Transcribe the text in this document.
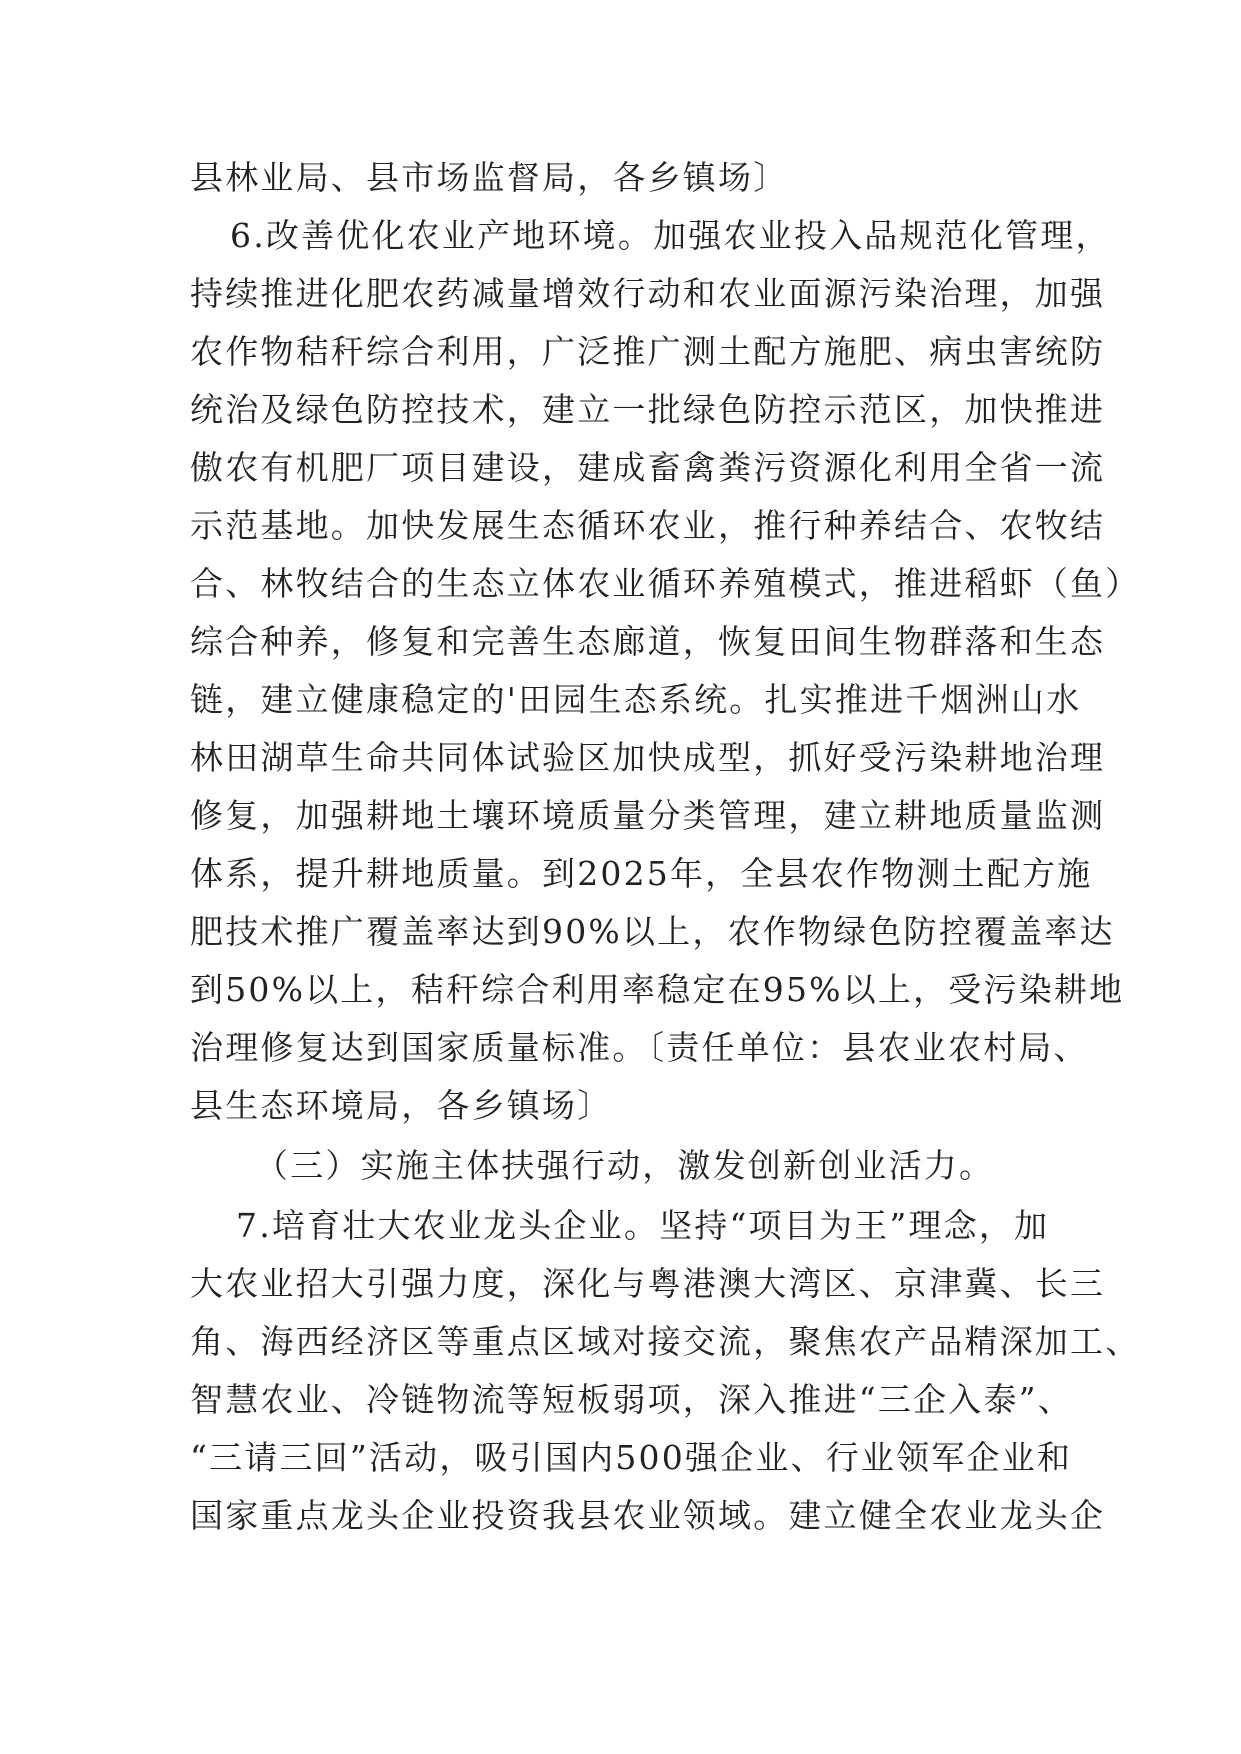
县林业局、县市场监督局，各乡镇场〕
6.改善优化农业产地环境。加强农业投入品规范化管理，
持续推进化肥农药减量增效行动和农业面源污染治理，加强
农作物秸秆综合利用，广泛推广测土配方施肥、病虫害统防
统治及绿色防控技术，建立一批绿色防控示范区，加快推进
傲农有机肥厂项目建设，建成畜禽粪污资源化利用全省一流
示范基地。加快发展生态循环农业，推行种养结合、农牧结
合、林牧结合的生态立体农业循环养殖模式，推进稻虾（鱼）
综合种养，修复和完善生态廊道，恢复田间生物群落和生态
链，建立健康稳定的'田园生态系统。扎实推进千烟洲山水
林田湖草生命共同体试验区加快成型，抓好受污染耕地治理
修复，加强耕地土壤环境质量分类管理，建立耕地质量监测
体系，提升耕地质量。到2025年，全县农作物测土配方施
肥技术推广覆盖率达到90%以上，农作物绿色防控覆盖率达
到50%以上，秸秆综合利用率稳定在95%以上，受污染耕地
治理修复达到国家质量标准。〔责任单位：县农业农村局、
县生态环境局，各乡镇场〕
（三）实施主体扶强行动，激发创新创业活力。
7.培育壮大农业龙头企业。坚持“项目为王”理念，加
大农业招大引强力度，深化与粤港澳大湾区、京津冀、长三
角、海西经济区等重点区域对接交流，聚焦农产品精深加工、
智慧农业、冷链物流等短板弱项，深入推进“三企入泰”、
“三请三回”活动，吸引国内500强企业、行业领军企业和
国家重点龙头企业投资我县农业领域。建立健全农业龙头企
